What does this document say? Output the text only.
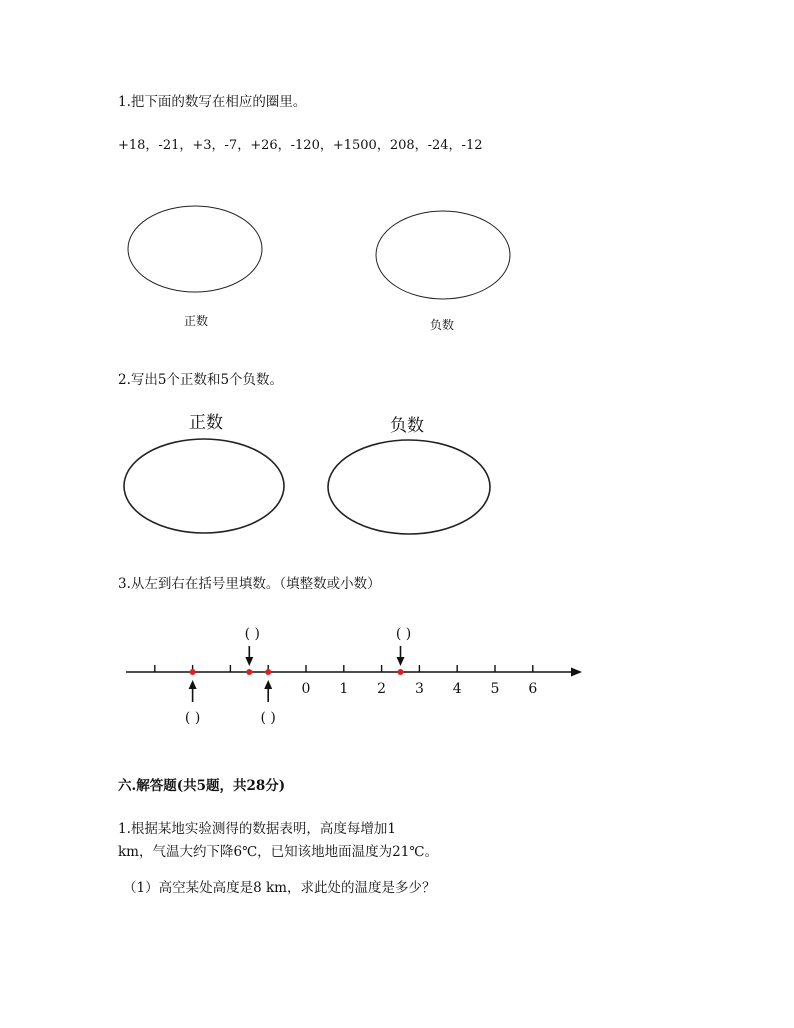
1.把下面的数写在相应的圈里。
+18，-21，+3，-7，+26，-120，+1500，208，-24，-12
0 1 2 3 4 5 6
( )
( )
( )
( )
正数	负数
2.写出5个正数和5个负数。
正数	负数
3.从左到右在括号里填数。（填整数或小数）
六.解答题(共5题，共28分)
1.根据某地实验测得的数据表明，高度每增加1
km，气温大约下降6℃，已知该地地面温度为21℃。
（1）高空某处高度是8 km，求此处的温度是多少？
